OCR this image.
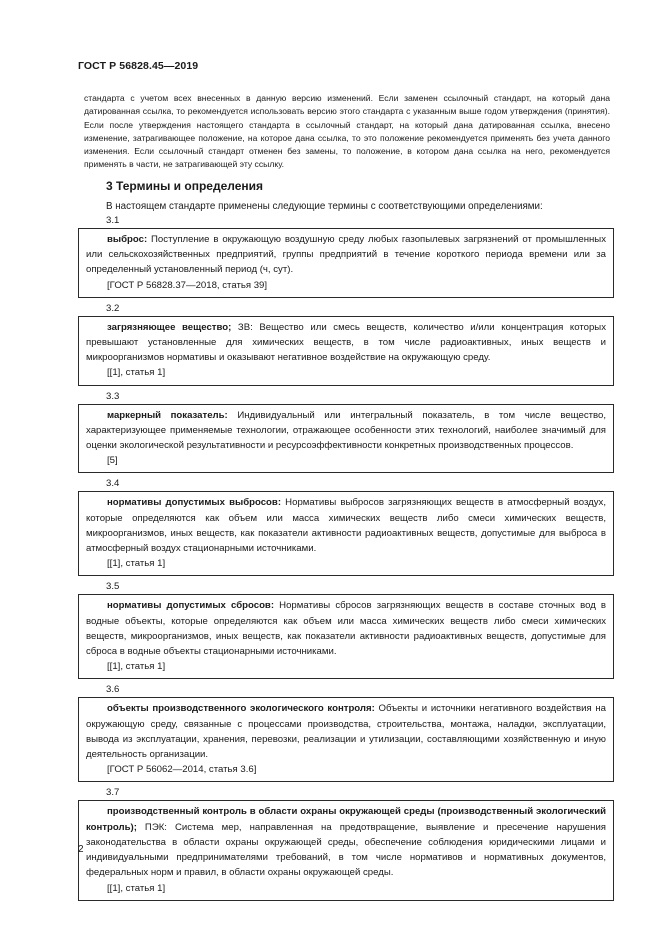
ГОСТ Р 56828.45—2019

стандарта с учетом всех внесенных в данную версию изменений. Если заменен ссылочный стандарт, на который дана датированная ссылка, то рекомендуется использовать версию этого стандарта с указанным выше годом утверждения (принятия). Если после утверждения настоящего стандарта в ссылочный стандарт, на который дана датированная ссылка, внесено изменение, затрагивающее положение, на которое дана ссылка, то это положение рекомендуется применять без учета данного изменения. Если ссылочный стандарт отменен без замены, то положение, в котором дана ссылка на него, рекомендуется применять в части, не затрагивающей эту ссылку.

3 Термины и определения
В настоящем стандарте применены следующие термины с соответствующими определениями:
3.1

выброс: Поступление в окружающую воздушную среду любых газопылевых загрязнений от промышленных или сельскохозяйственных предприятий, группы предприятий в течение короткого периода времени или за определенный установленный период (ч, сут).

[ГОСТ Р 56828.37—2018, статья 39]

3.2

загрязняющее вещество; ЗВ: Вещество или смесь веществ, количество и/или концентрация которых превышают установленные для химических веществ, в том числе радиоактивных, иных веществ и микроорганизмов нормативы и оказывают негативное воздействие на окружающую среду.

[[1], статья 1]

3.3

маркерный показатель: Индивидуальный или интегральный показатель, в том числе вещество, характеризующее применяемые технологии, отражающее особенности этих технологий, наиболее значимый для оценки экологической результативности и ресурсоэффективности конкретных производственных процессов.

[5]

3.4

нормативы допустимых выбросов: Нормативы выбросов загрязняющих веществ в атмосферный воздух, которые определяются как объем или масса химических веществ либо смеси химических веществ, микроорганизмов, иных веществ, как показатели активности радиоактивных веществ, допустимые для выброса в атмосферный воздух стационарными источниками.

[[1], статья 1]

3.5

нормативы допустимых сбросов: Нормативы сбросов загрязняющих веществ в составе сточных вод в водные объекты, которые определяются как объем или масса химических веществ либо смеси химических веществ, микроорганизмов, иных веществ, как показатели активности радиоактивных веществ, допустимые для сброса в водные объекты стационарными источниками.

[[1], статья 1]

3.6

объекты производственного экологического контроля: Объекты и источники негативного воздействия на окружающую среду, связанные с процессами производства, строительства, монтажа, наладки, эксплуатации, вывода из эксплуатации, хранения, перевозки, реализации и утилизации, составляющими хозяйственную и иную деятельность организации.

[ГОСТ Р 56062—2014, статья 3.6]

3.7

производственный контроль в области охраны окружающей среды (производственный экологический контроль); ПЭК: Система мер, направленная на предотвращение, выявление и пресечение нарушения законодательства в области охраны окружающей среды, обеспечение соблюдения юридическими лицами и индивидуальными предпринимателями требований, в том числе нормативов и нормативных документов, федеральных норм и правил, в области охраны окружающей среды.

[[1], статья 1]

2
